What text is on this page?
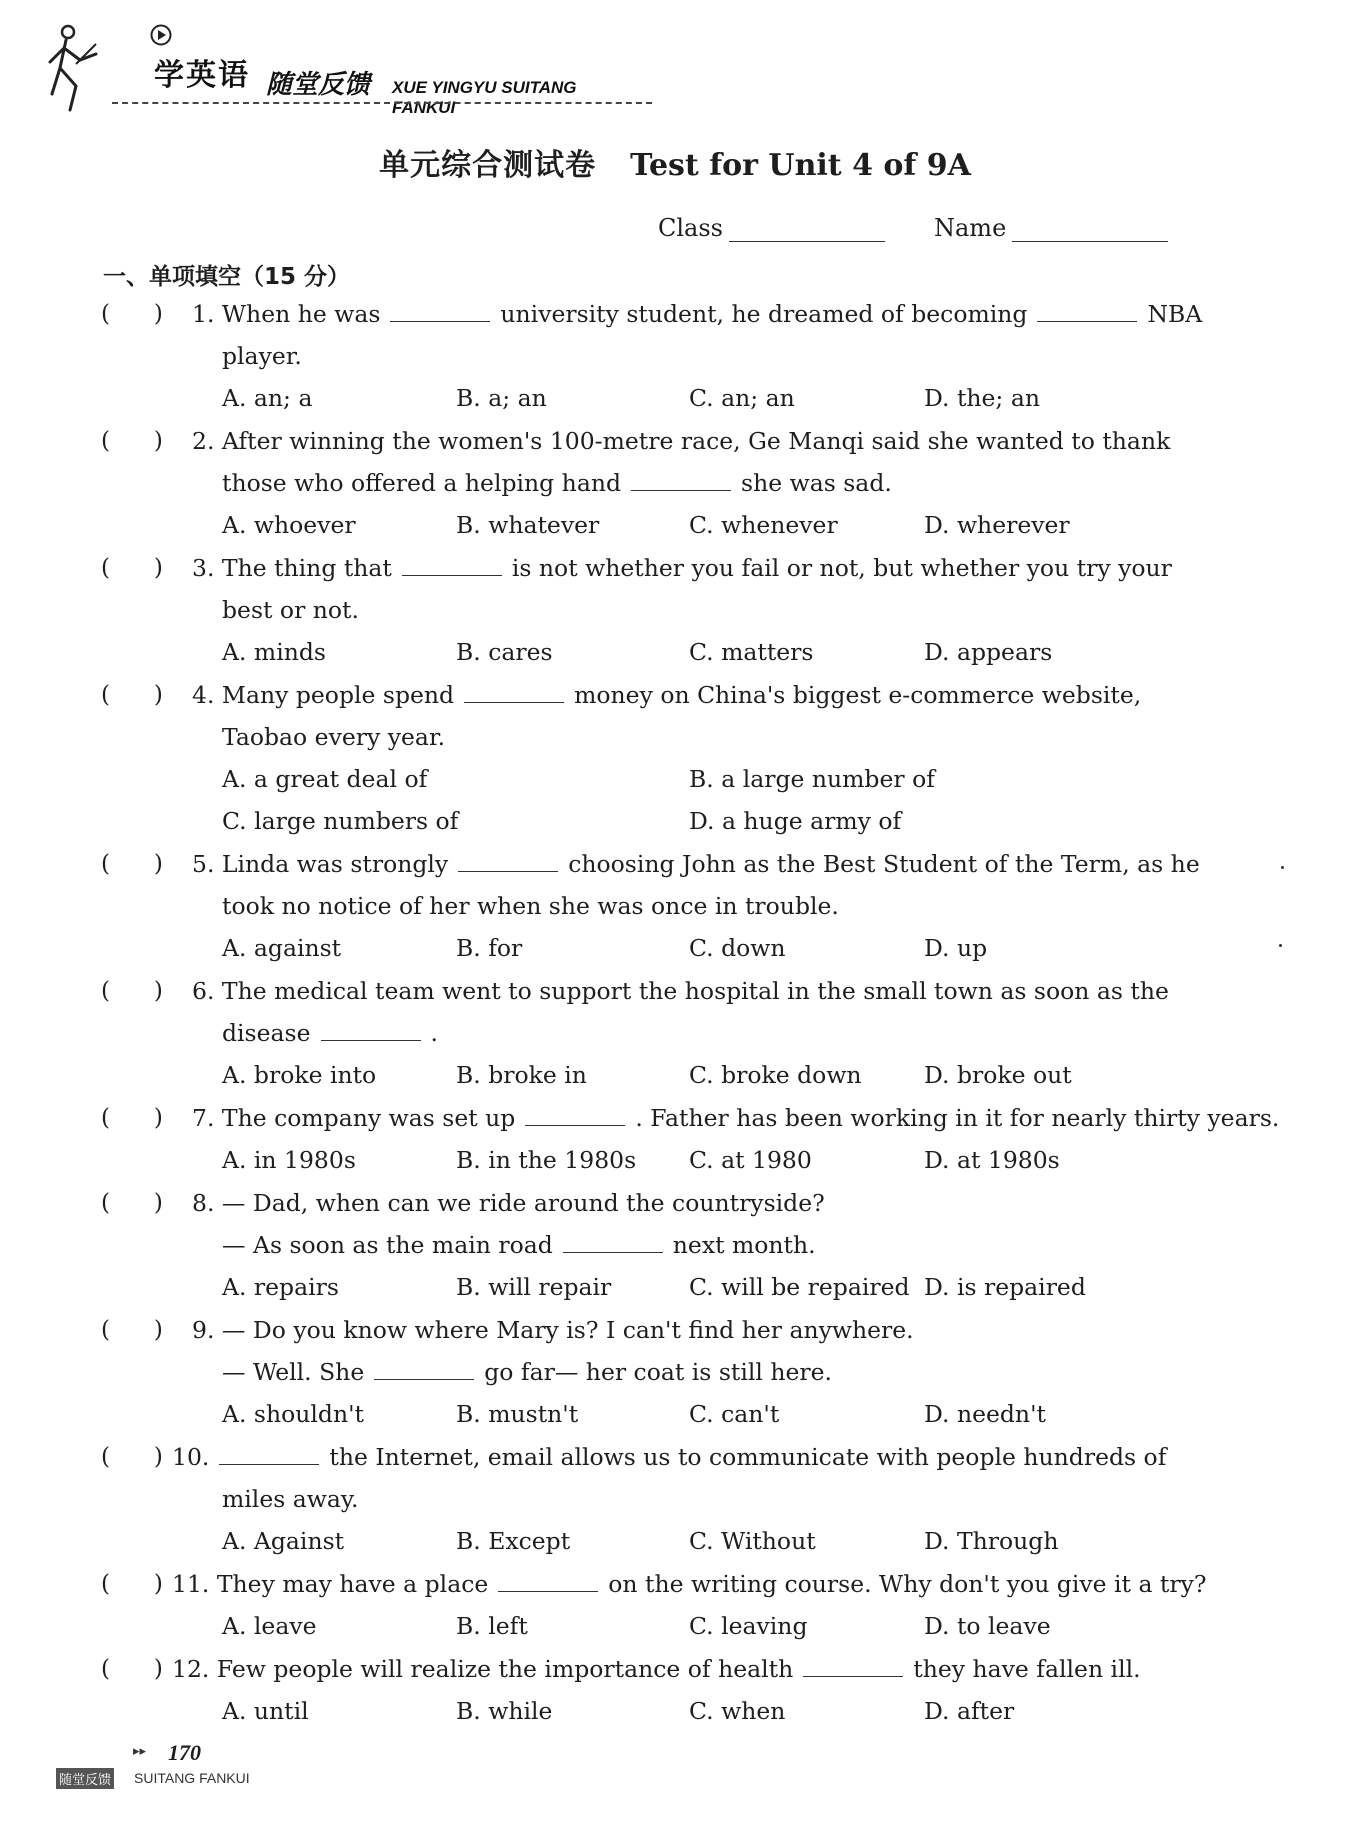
学英语 随堂反馈 XUE YINGYU SUITANG FANKUI
单元综合测试卷 Test for Unit 4 of 9A
Class	Name
一、单项填空（15 分）
(      ) 1. When he was	university student, he dreamed of becoming	NBA
player.
A. an; a	B. a; an	C. an; an	D. the; an
(      ) 2. After winning the women's 100-metre race, Ge Manqi said she wanted to thank
those who offered a helping hand	she was sad.
A. whoever	B. whatever	C. whenever	D. wherever
(      ) 3. The thing that	is not whether you fail or not, but whether you try your
best or not.
A. minds	B. cares	C. matters	D. appears
(      ) 4. Many people spend	money on China's biggest e-commerce website,
Taobao every year.
A. a great deal of	B. a large number of
C. large numbers of	D. a huge army of
(      ) 5. Linda was strongly	choosing John as the Best Student of the Term, as he
took no notice of her when she was once in trouble.
A. against	B. for	C. down	D. up
(      ) 6. The medical team went to support the hospital in the small town as soon as the
disease	.
A. broke into	B. broke in	C. broke down	D. broke out
(      ) 7. The company was set up	. Father has been working in it for nearly thirty years.
A. in 1980s	B. in the 1980s C. at 1980	D. at 1980s
(      ) 8. — Dad, when can we ride around the countryside?
— As soon as the main road	next month.
A. repairs	B. will repair	C. will be repaired D. is repaired
(      ) 9. — Do you know where Mary is? I can't find her anywhere.
— Well. She	go far— her coat is still here.
A. shouldn't	B. mustn't	C. can't	D. needn't
(      ) 10.	the Internet, email allows us to communicate with people hundreds of
miles away.
A. Against	B. Except	C. Without	D. Through
(      ) 11. They may have a place	on the writing course. Why don't you give it a try?
A. leave	B. left	C. leaving	D. to leave
(      ) 12. Few people will realize the importance of health	they have fallen ill.
A. until	B. while	C. when	D. after
▸▸ 170
随堂反馈 SUITANG FANKUI
